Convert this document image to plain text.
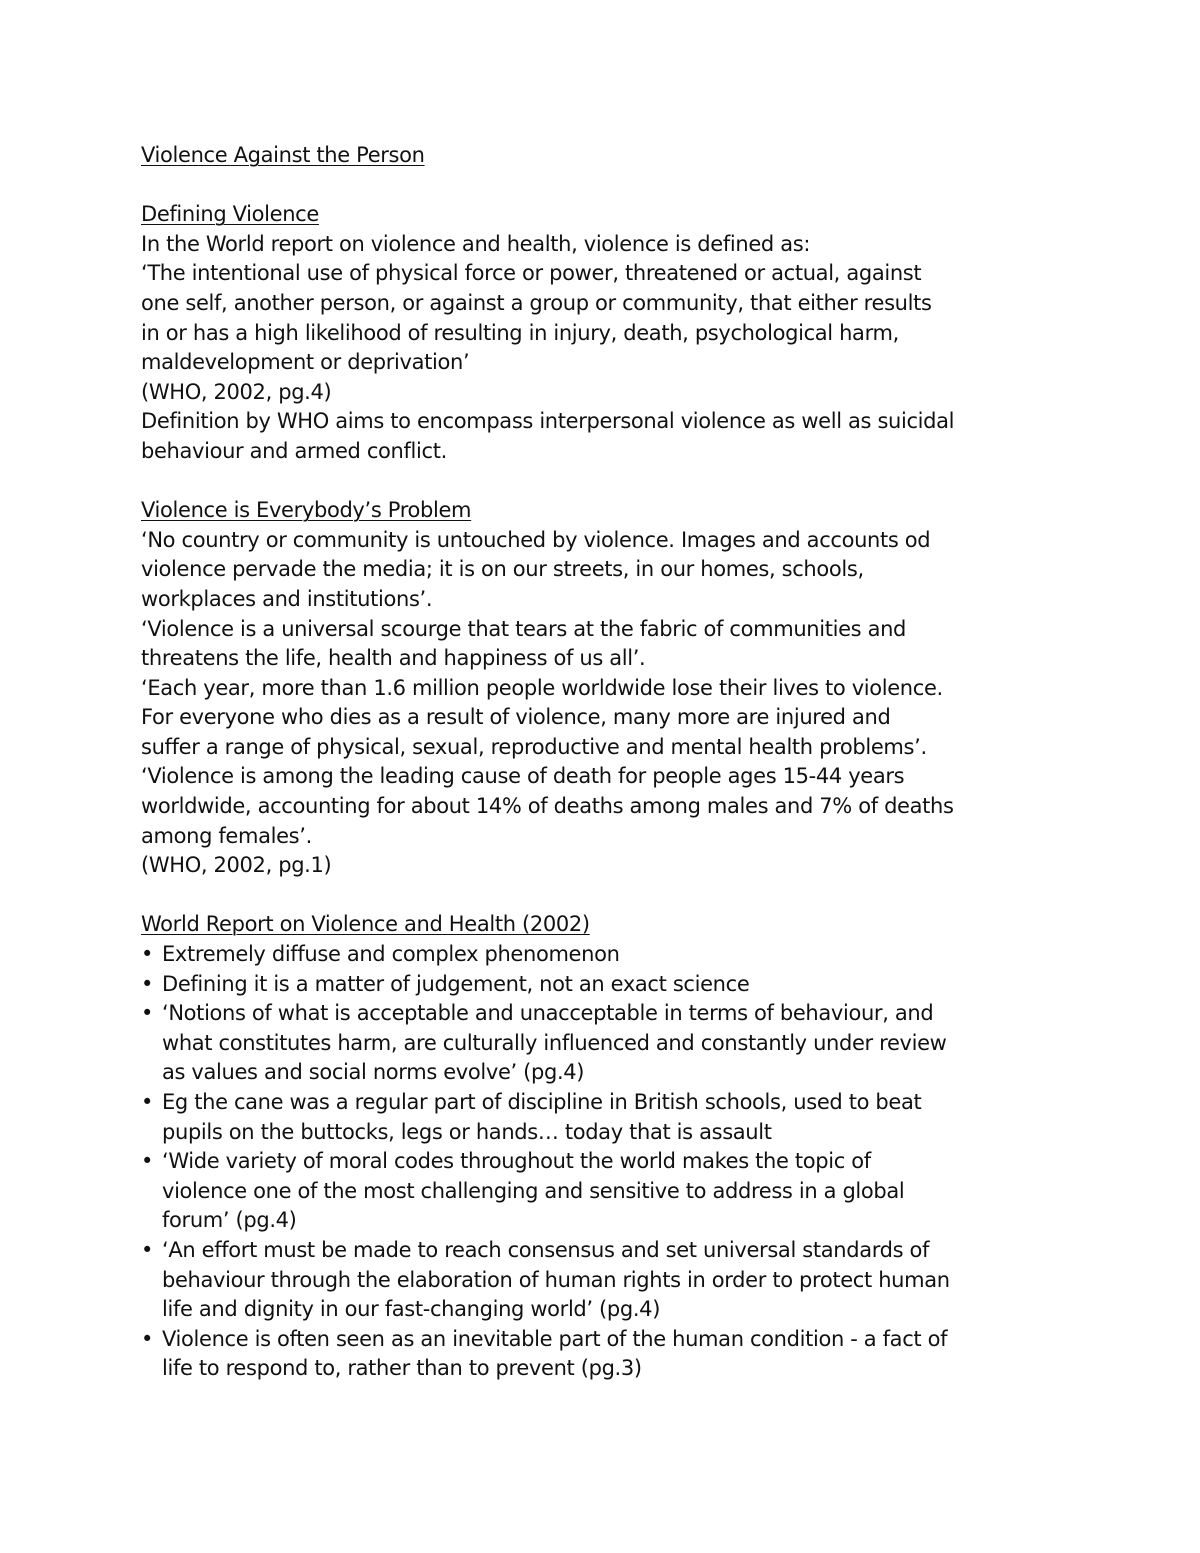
Violence Against the Person
Defining Violence
In the World report on violence and health, violence is defined as:
‘The intentional use of physical force or power, threatened or actual, against
one self, another person, or against a group or community, that either results
in or has a high likelihood of resulting in injury, death, psychological harm,
maldevelopment or deprivation’
(WHO, 2002, pg.4)
Definition by WHO aims to encompass interpersonal violence as well as suicidal
behaviour and armed conflict.
Violence is Everybody’s Problem
‘No country or community is untouched by violence. Images and accounts od
violence pervade the media; it is on our streets, in our homes, schools,
workplaces and institutions’.
‘Violence is a universal scourge that tears at the fabric of communities and
threatens the life, health and happiness of us all’.
‘Each year, more than 1.6 million people worldwide lose their lives to violence.
For everyone who dies as a result of violence, many more are injured and
suffer a range of physical, sexual, reproductive and mental health problems’.
‘Violence is among the leading cause of death for people ages 15-44 years
worldwide, accounting for about 14% of deaths among males and 7% of deaths
among females’.
(WHO, 2002, pg.1)
World Report on Violence and Health (2002)
• Extremely diffuse and complex phenomenon
• Defining it is a matter of judgement, not an exact science
• ‘Notions of what is acceptable and unacceptable in terms of behaviour, and
what constitutes harm, are culturally influenced and constantly under review
as values and social norms evolve’ (pg.4)
• Eg the cane was a regular part of discipline in British schools, used to beat
pupils on the buttocks, legs or hands… today that is assault
• ‘Wide variety of moral codes throughout the world makes the topic of
violence one of the most challenging and sensitive to address in a global
forum’ (pg.4)
• ‘An effort must be made to reach consensus and set universal standards of
behaviour through the elaboration of human rights in order to protect human
life and dignity in our fast-changing world’ (pg.4)
• Violence is often seen as an inevitable part of the human condition - a fact of
life to respond to, rather than to prevent (pg.3)
